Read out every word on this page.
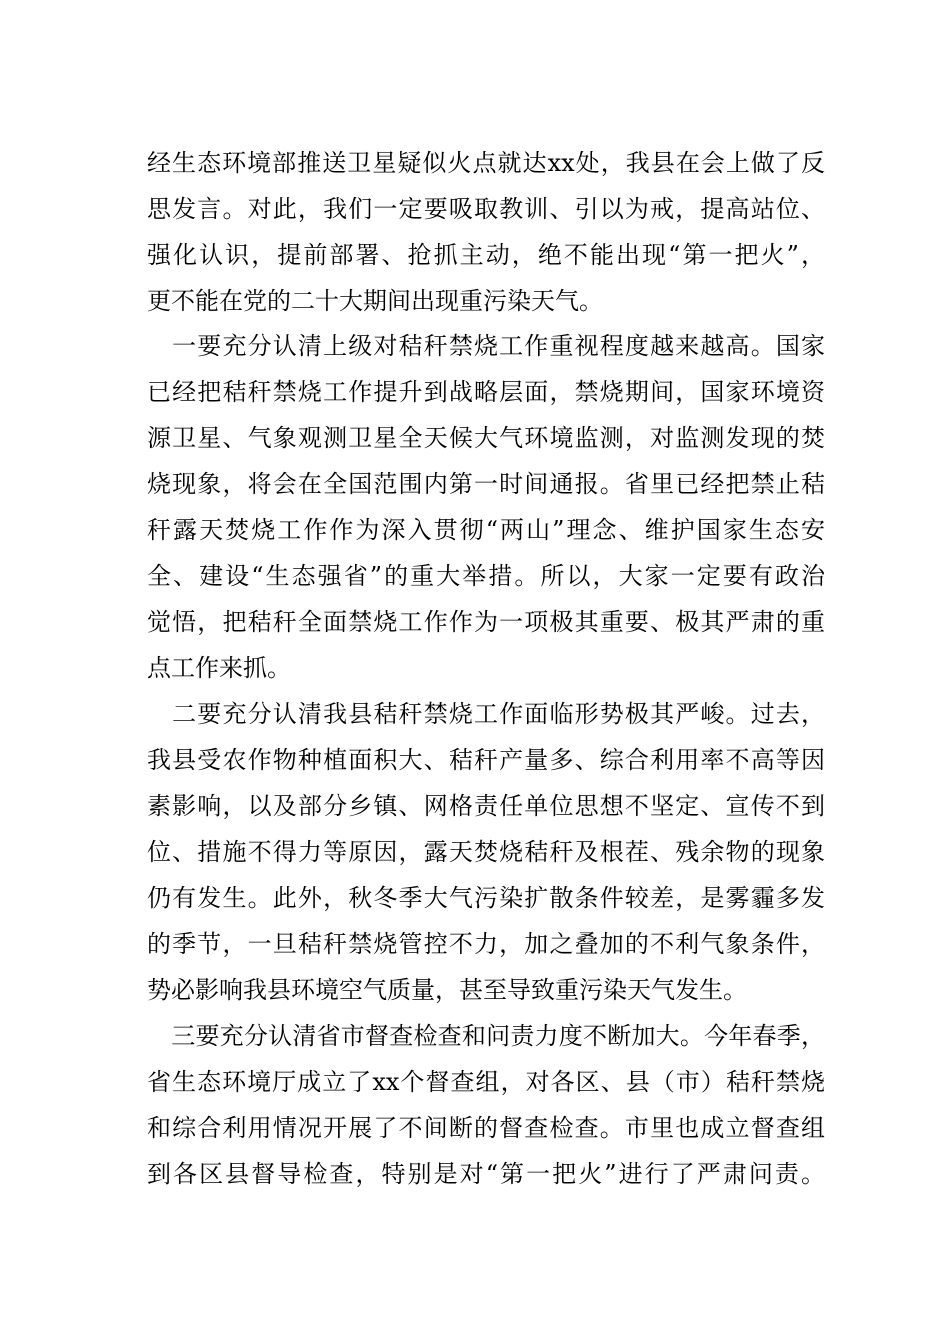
经生态环境部推送卫星疑似火点就达xx处，我县在会上做了反
思发言。对此，我们一定要吸取教训、引以为戒，提高站位、
强化认识，提前部署、抢抓主动，绝不能出现“第一把火”，
更不能在党的二十大期间出现重污染天气。
　一要充分认清上级对秸秆禁烧工作重视程度越来越高。国家
已经把秸秆禁烧工作提升到战略层面，禁烧期间，国家环境资
源卫星、气象观测卫星全天候大气环境监测，对监测发现的焚
烧现象，将会在全国范围内第一时间通报。省里已经把禁止秸
秆露天焚烧工作作为深入贯彻“两山”理念、维护国家生态安
全、建设“生态强省”的重大举措。所以，大家一定要有政治
觉悟，把秸秆全面禁烧工作作为一项极其重要、极其严肃的重
点工作来抓。
　二要充分认清我县秸秆禁烧工作面临形势极其严峻。过去，
我县受农作物种植面积大、秸秆产量多、综合利用率不高等因
素影响，以及部分乡镇、网格责任单位思想不坚定、宣传不到
位、措施不得力等原因，露天焚烧秸秆及根茬、残余物的现象
仍有发生。此外，秋冬季大气污染扩散条件较差，是雾霾多发
的季节，一旦秸秆禁烧管控不力，加之叠加的不利气象条件，
势必影响我县环境空气质量，甚至导致重污染天气发生。
　三要充分认清省市督查检查和问责力度不断加大。今年春季，
省生态环境厅成立了xx个督查组，对各区、县（市）秸秆禁烧
和综合利用情况开展了不间断的督查检查。市里也成立督查组
到各区县督导检查，特别是对“第一把火”进行了严肃问责。
